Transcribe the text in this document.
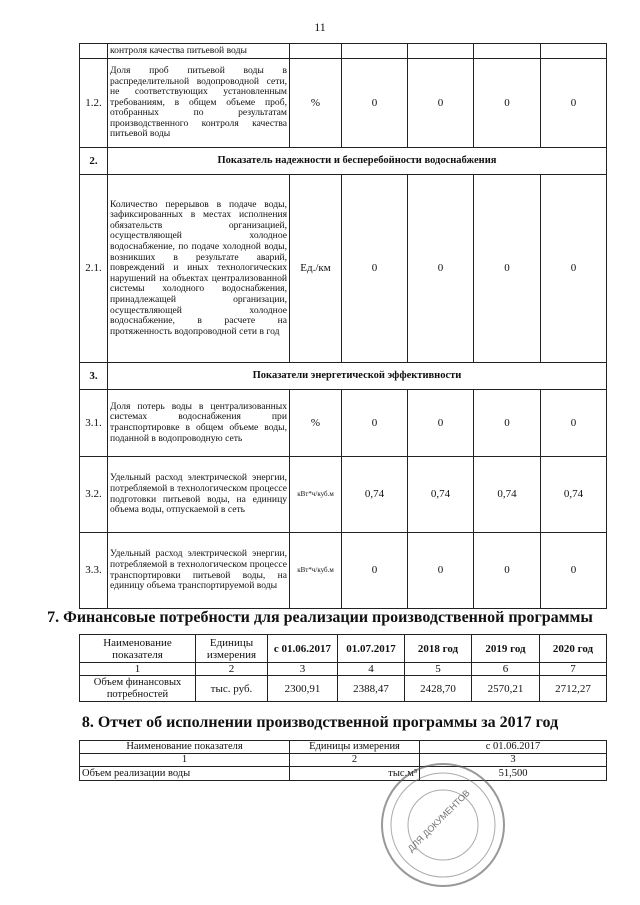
11
	контроля качества питьевой воды					
1.2.	Доля проб питьевой воды в распределительной водопроводной сети, не соответствующих установленным требованиям, в общем объеме проб, отобранных по результатам производственного контроля качества питьевой воды	%	0	0	0	0
2.	Показатель надежности и бесперебойности водоснабжения					
2.1.	Количество перерывов в подаче воды, зафиксированных в местах исполнения обязательств организацией, осуществляющей холодное водоснабжение, по подаче холодной воды, возникших в результате аварий, повреждений и иных технологических нарушений на объектах централизованной системы холодного водоснабжения, принадлежащей организации, осуществляющей холодное водоснабжение, в расчете на протяженность водопроводной сети в год	Ед./км	0	0	0	0
3.	Показатели энергетической эффективности					
3.1.	Доля потерь воды в централизованных системах водоснабжения при транспортировке в общем объеме воды, поданной в водопроводную сеть	%	0	0	0	0
3.2.	Удельный расход электрической энергии, потребляемой в технологическом процессе подготовки питьевой воды, на единицу объема воды, отпускаемой в сеть	кВт*ч/куб.м	0,74	0,74	0,74	0,74
3.3.	Удельный расход электрической энергии, потребляемой в технологическом процессе транспортировки питьевой воды, на единицу объема транспортируемой воды	кВт*ч/куб.м	0	0	0	0
7. Финансовые потребности для реализации производственной программы
Наименование показателя	Единицы измерения	с 01.06.2017	01.07.2017	2018 год	2019 год	2020 год
1	2	3	4	5	6	7
Объем финансовых потребностей	тыс. руб.	2300,91	2388,47	2428,70	2570,21	2712,27
8. Отчет об исполнении производственной программы за 2017 год
Наименование показателя	Единицы измерения	с 01.06.2017
1	2	3
Объем реализации воды	тыс.м³	51,500
ДЛЯ ДОКУМЕНТОВ
